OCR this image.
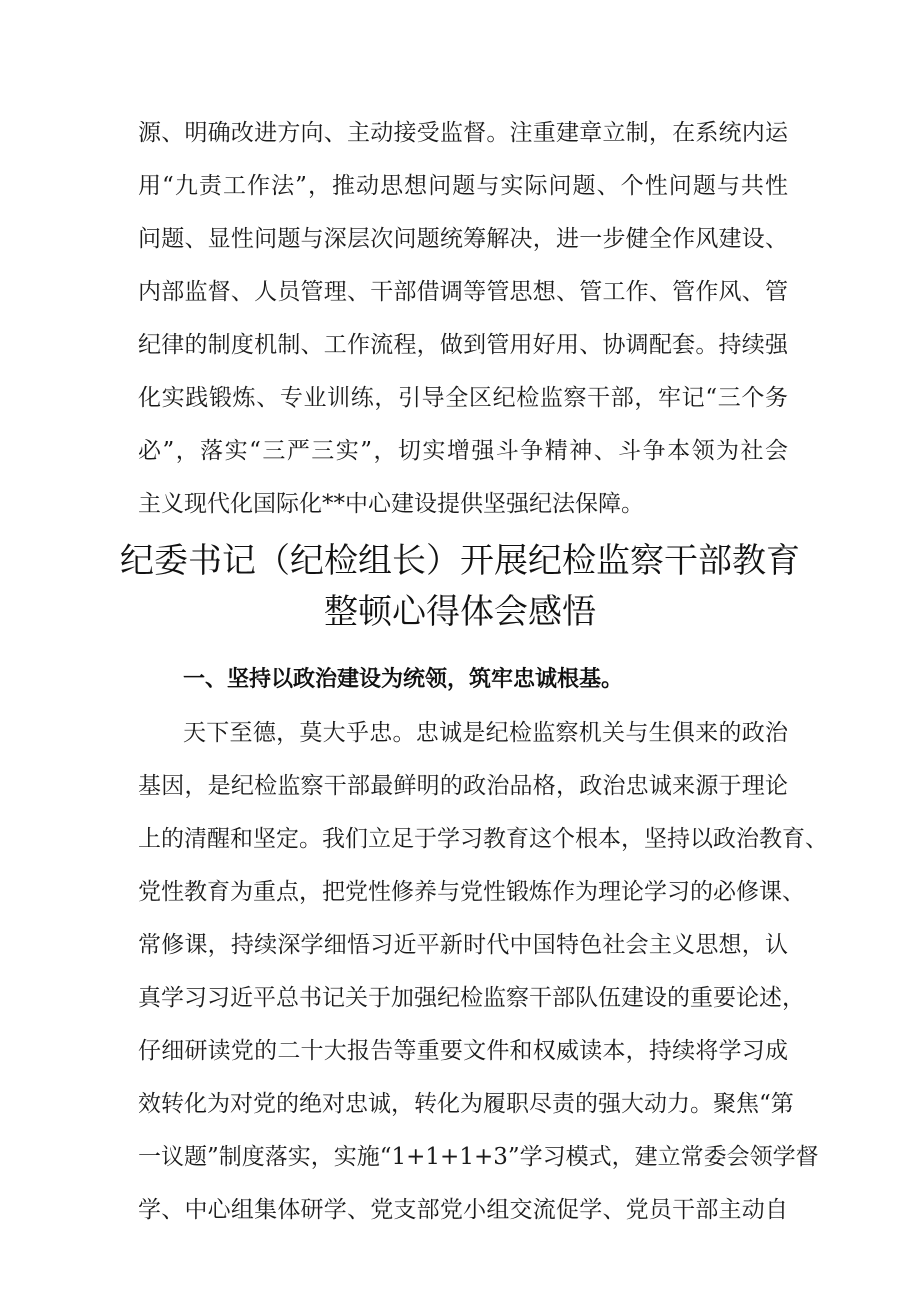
源、明确改进方向、主动接受监督。注重建章立制，在系统内运
用“九责工作法”，推动思想问题与实际问题、个性问题与共性
问题、显性问题与深层次问题统筹解决，进一步健全作风建设、
内部监督、人员管理、干部借调等管思想、管工作、管作风、管
纪律的制度机制、工作流程，做到管用好用、协调配套。持续强
化实践锻炼、专业训练，引导全区纪检监察干部，牢记“三个务
必”，落实“三严三实”，切实增强斗争精神、斗争本领为社会
主义现代化国际化**中心建设提供坚强纪法保障。
纪委书记（纪检组长）开展纪检监察干部教育
整顿心得体会感悟
一、坚持以政治建设为统领，筑牢忠诚根基。
天下至德，莫大乎忠。忠诚是纪检监察机关与生俱来的政治
基因，是纪检监察干部最鲜明的政治品格，政治忠诚来源于理论
上的清醒和坚定。我们立足于学习教育这个根本，坚持以政治教育、
党性教育为重点，把党性修养与党性锻炼作为理论学习的必修课、
常修课，持续深学细悟习近平新时代中国特色社会主义思想，认
真学习习近平总书记关于加强纪检监察干部队伍建设的重要论述，
仔细研读党的二十大报告等重要文件和权威读本，持续将学习成
效转化为对党的绝对忠诚，转化为履职尽责的强大动力。聚焦“第
一议题”制度落实，实施“1+1+1+3”学习模式，建立常委会领学督
学、中心组集体研学、党支部党小组交流促学、党员干部主动自
